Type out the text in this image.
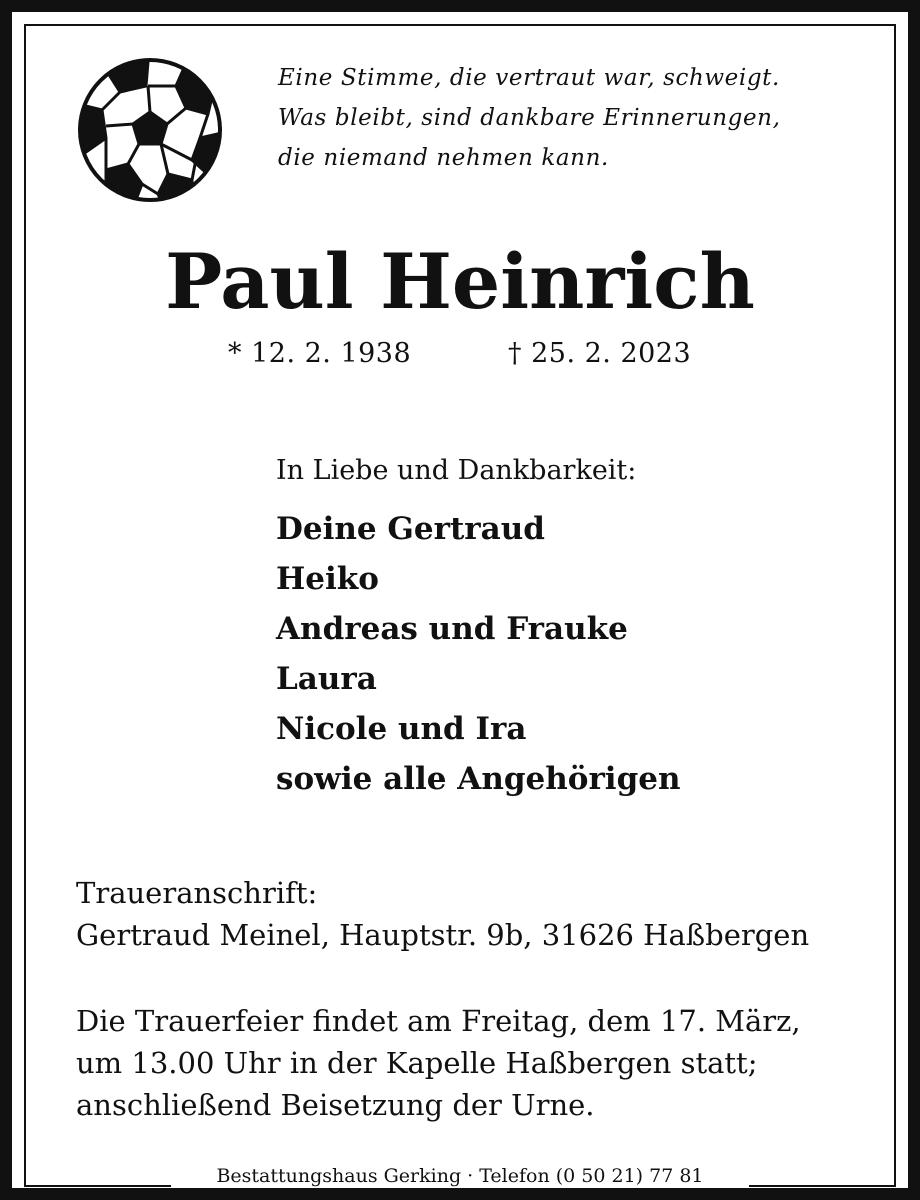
Eine Stimme, die vertraut war, schweigt.
Was bleibt, sind dankbare Erinnerungen,
die niemand nehmen kann.
Paul Heinrich
* 12. 2. 1938	† 25. 2. 2023
In Liebe und Dankbarkeit:
Deine Gertraud
Heiko
Andreas und Frauke
Laura
Nicole und Ira
sowie alle Angehörigen
Traueranschrift:
Gertraud Meinel, Hauptstr. 9b, 31626 Haßbergen
Die Trauerfeier findet am Freitag, dem 17. März,
um 13.00 Uhr in der Kapelle Haßbergen statt;
anschließend Beisetzung der Urne.
Bestattungshaus Gerking · Telefon (0 50 21) 77 81
